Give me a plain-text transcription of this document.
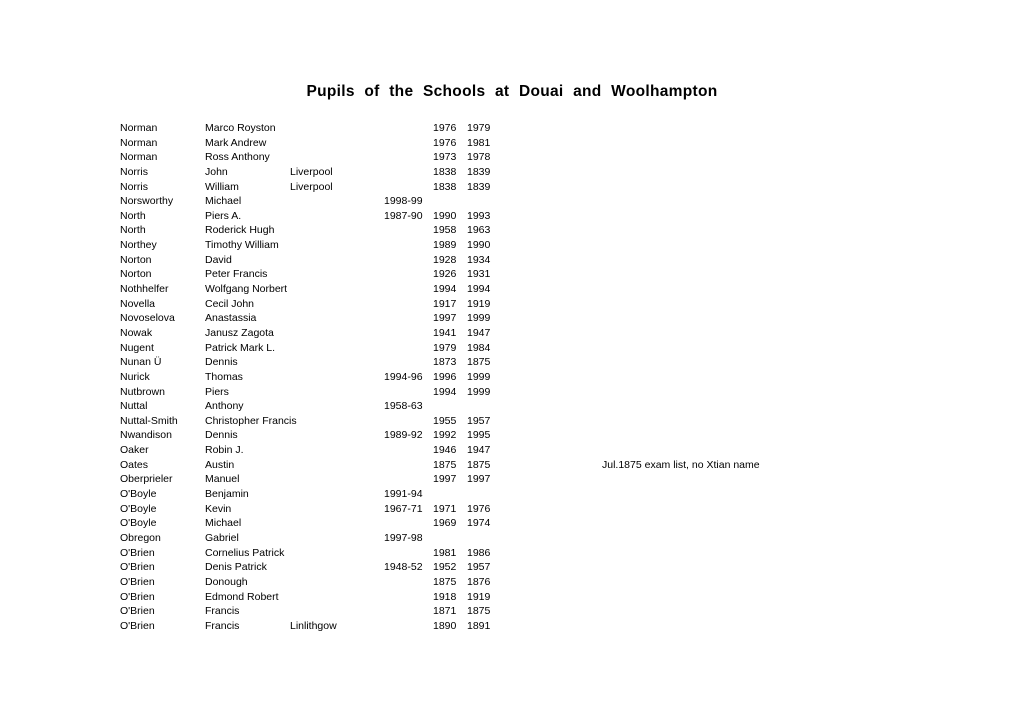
Pupils of the Schools at Douai and Woolhampton
Norman	Marco Royston	1976 1979
Norman	Mark Andrew	1976 1981
Norman	Ross Anthony	1973 1978
Norris	John	Liverpool	1838 1839
Norris	William	Liverpool	1838 1839
Norsworthy	Michael	1998-99
North	Piers A.	1987-90 1990 1993
North	Roderick Hugh	1958 1963
Northey	Timothy William	1989 1990
Norton	David	1928 1934
Norton	Peter Francis	1926 1931
Nothhelfer	Wolfgang Norbert	1994 1994
Novella	Cecil John	1917 1919
Novoselova	Anastassia	1997 1999
Nowak	Janusz Zagota	1941 1947
Nugent	Patrick Mark L.	1979 1984
Nunan Ü	Dennis	1873 1875
Nurick	Thomas	1994-96 1996 1999
Nutbrown	Piers	1994 1999
Nuttal	Anthony	1958-63
Nuttal-Smith	Christopher Francis	1955 1957
Nwandison	Dennis	1989-92 1992 1995
Oaker	Robin J.	1946 1947
Oates	Austin	1875 1875	Jul.1875 exam list, no Xtian name
Oberprieler	Manuel	1997 1997
O'Boyle	Benjamin	1991-94
O'Boyle	Kevin	1967-71 1971 1976
O'Boyle	Michael	1969 1974
Obregon	Gabriel	1997-98
O'Brien	Cornelius Patrick	1981 1986
O'Brien	Denis Patrick	1948-52 1952 1957
O'Brien	Donough	1875 1876
O'Brien	Edmond Robert	1918 1919
O'Brien	Francis	1871 1875
O'Brien	Francis	Linlithgow	1890 1891
